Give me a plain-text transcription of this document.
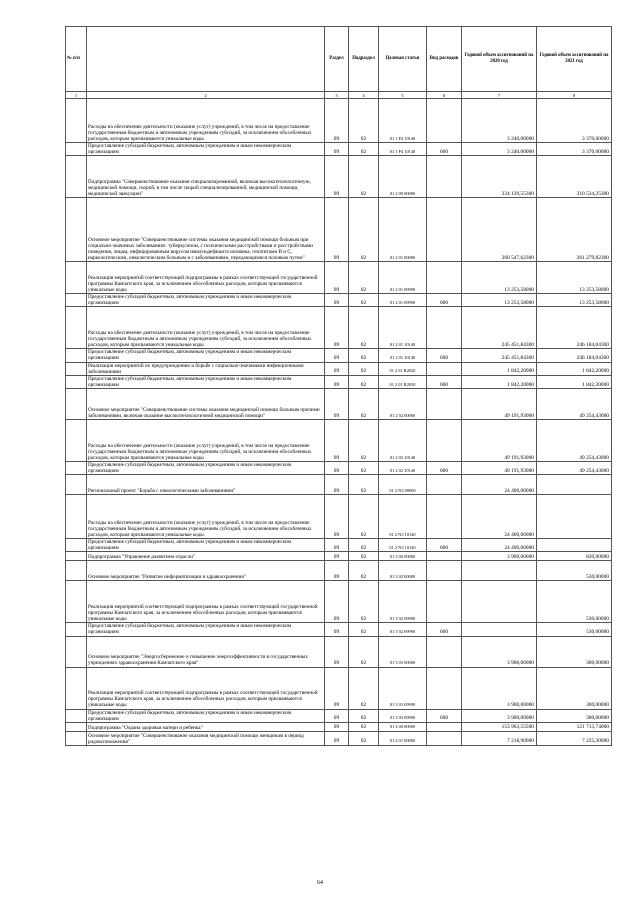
№ п/п		Раздел	Подраздел	Целевая статья	Вид расходов	Годовой объем ассигнований на 2020 год	Годовой объем ассигнований на 2021 год
1	2	3	4	5	6	7	8
	Расходы на обеспечение деятельности (оказание услуг) учреждений, в том числе на предоставление государственным бюджетным и автономным учреждениям субсидий, за исключением обособленных расходов, которым присваиваются уникальные коды	09	02	01 1 Р4 10140		3 240,00000	3 370,00000
	Предоставление субсидий бюджетным, автономным учреждениям и иным некоммерческим организациям	09	02	01 1 Р4 10140	600	3 240,00000	3 370,00000
	Подпрограмма "Совершенствование оказания специализированной, включая высокотехнологичную, медицинской помощи, скорой, в том числе скорой специализированной, медицинской помощи, медицинской эвакуации"	09	02	01 2 00 00000		334 139,55300	310 534,25300
	Основное мероприятие "Совершенствование системы оказания медицинской помощи больным при социально-значимых заболеваниях: туберкулезом, с психическими расстройствами и расстройствами поведения, лицам, инфицированным вирусом иммунодефицита человека, гепатитами В и С, наркологическим, онкологическим больным и с заболеваниями, передающимися половым путем"	09	02	01 2 01 00000		260 547,62300	261 279,82300
	Реализация мероприятий соответствующей подпрограммы в рамках соответствующей государственной программы Камчатского края, за исключением обособленных расходов, которым присваиваются уникальные коды	09	02	01 2 01 09990		13 253,58000	13 253,58000
	Предоставление субсидий бюджетным, автономным учреждениям и иным некоммерческим организациям	09	02	01 2 01 09990	600	13 253,58000	13 253,58000
	Расходы на обеспечение деятельности (оказание услуг) учреждений, в том числе на предоставление государственным бюджетным и автономным учреждениям субсидий, за исключением обособленных расходов, которым присваиваются уникальные коды	09	02	01 2 01 10140		245 451,84300	246 184,04300
	Предоставление субсидий бюджетным, автономным учреждениям и иным некоммерческим организациям	09	02	01 2 01 10140	600	245 451,84300	246 184,04300
	Реализация мероприятий по предупреждению и борьбе с социально-значимыми инфекционными заболеваниями	09	02	01 2 01 R2020		1 842,20000	1 842,20000
	Предоставление субсидий бюджетным, автономным учреждениям и иным некоммерческим организациям	09	02	01 2 01 R2020	600	1 842,20000	1 842,20000
	Основное мероприятие "Совершенствование системы оказания медицинской помощи больным прочими заболеваниями, включая оказание высокотехнологичной медицинской помощи"	09	02	01 2 02 00000		49 191,93000	49 254,43000
	Расходы на обеспечение деятельности (оказание услуг) учреждений, в том числе на предоставление государственным бюджетным и автономным учреждениям субсидий, за исключением обособленных расходов, которым присваиваются уникальные коды	09	02	01 2 02 10140		49 191,93000	49 254,43000
	Предоставление субсидий бюджетным, автономным учреждениям и иным некоммерческим организациям	09	02	01 2 02 10140	600	49 191,93000	49 254,43000
	Региональный проект "Борьба с онкологическими заболеваниями"	09	02	01 2 N3 00000		24 400,00000	
	Расходы на обеспечение деятельности (оказание услуг) учреждений, в том числе на предоставление государственным бюджетным и автономным учреждениям субсидий, за исключением обособленных расходов, которым присваиваются уникальные коды	09	02	01 2 N3 10140		24 400,00000	
	Предоставление субсидий бюджетным, автономным учреждениям и иным некоммерческим организациям	09	02	01 2 N3 10140	600	24 400,00000	
	Подпрограмма "Управление развитием отрасли"	09	02	01 3 00 00000		3 900,00000	830,00000
	Основное мероприятие "Развитие информатизации в здравоохранении"	09	02	01 3 02 00000			530,00000
	Реализация мероприятий соответствующей подпрограммы в рамках соответствующей государственной программы Камчатского края, за исключением обособленных расходов, которым присваиваются уникальные коды	09	02	01 3 02 09990			530,00000
	Предоставление субсидий бюджетным, автономным учреждениям и иным некоммерческим организациям	09	02	01 3 02 09990	600		530,00000
	Основное мероприятие "Энергосбережение и повышение энергоэффективности в государственных учреждениях здравоохранения Камчатского края"	09	02	01 3 03 00000		3 900,00000	300,00000
	Реализация мероприятий соответствующей подпрограммы в рамках соответствующей государственной программы Камчатского края, за исключением обособленных расходов, которым присваиваются уникальные коды	09	02	01 3 03 09990		3 900,00000	300,00000
	Предоставление субсидий бюджетным, автономным учреждениям и иным некоммерческим организациям	09	02	01 3 03 09990	600	3 900,00000	300,00000
	Подпрограмма "Охрана здоровья матери и ребенка"	09	02	01 4 00 00000		153 963,55500	121 713,74000
	Основное мероприятие "Совершенствование оказания медицинской помощи женщинам в период родовспоможения"	09	02	01 4 01 00000		7 218,90000	7 225,30000
64
